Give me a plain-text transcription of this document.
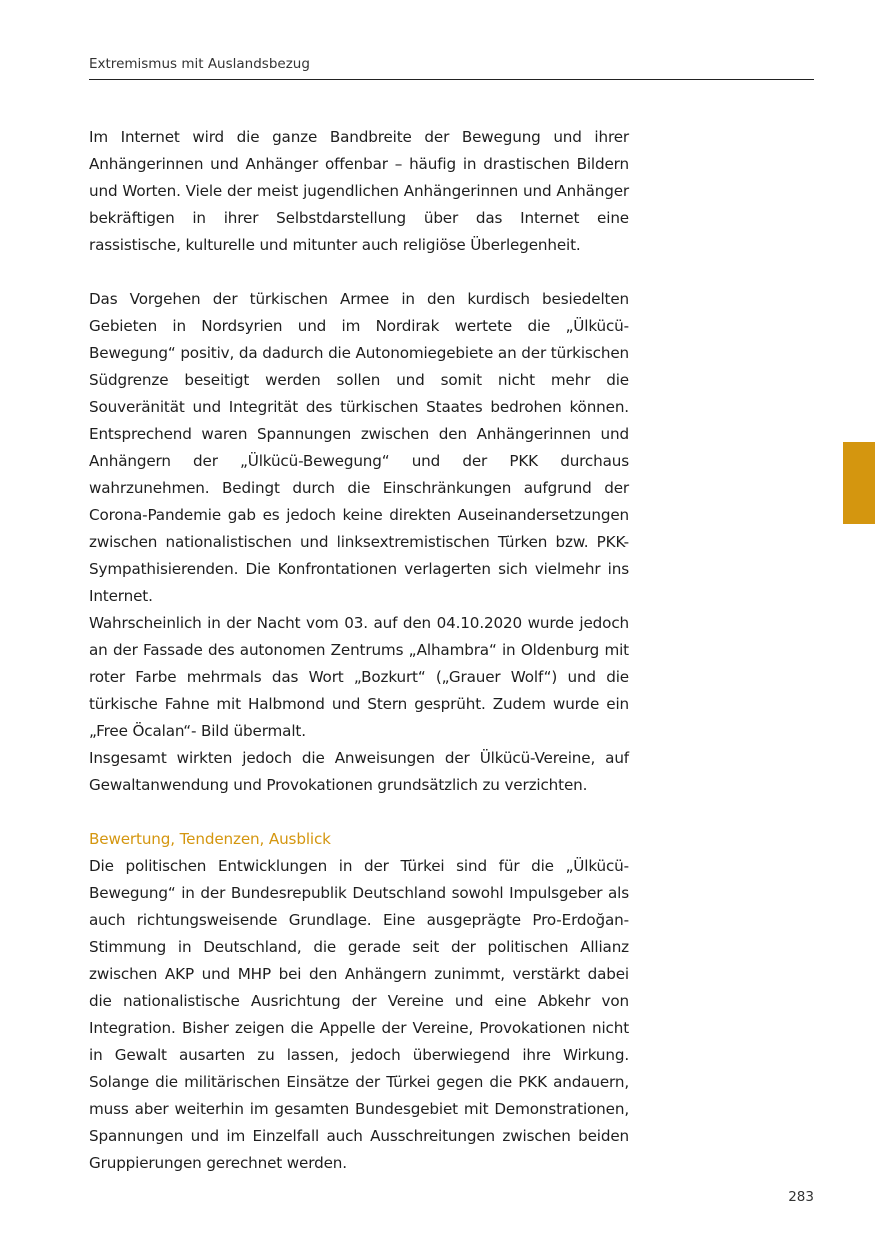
Extremismus mit Auslandsbezug

Im Internet wird die ganze Bandbreite der Bewegung und ihrer Anhängerinnen und Anhänger offenbar – häufig in drastischen Bildern und Worten. Viele der meist jugendlichen Anhängerinnen und Anhänger bekräftigen in ihrer Selbstdarstellung über das Internet eine rassistische, kulturelle und mitunter auch religiöse Überlegenheit.

Das Vorgehen der türkischen Armee in den kurdisch besiedelten Gebieten in Nordsyrien und im Nordirak wertete die „Ülkücü-Bewegung“ positiv, da dadurch die Autonomiegebiete an der türkischen Südgrenze beseitigt werden sollen und somit nicht mehr die Souveränität und Integrität des türkischen Staates bedrohen können. Entsprechend waren Spannungen zwischen den Anhängerinnen und Anhängern der „Ülkücü-Bewegung“ und der PKK durchaus wahrzunehmen. Bedingt durch die Einschränkungen aufgrund der Corona-Pandemie gab es jedoch keine direkten Auseinandersetzungen zwischen nationalistischen und linksextremistischen Türken bzw. PKK-Sympathisierenden. Die Konfrontationen verlagerten sich vielmehr ins Internet.

Wahrscheinlich in der Nacht vom 03. auf den 04.10.2020 wurde jedoch an der Fassade des autonomen Zentrums „Alhambra“ in Oldenburg mit roter Farbe mehrmals das Wort „Bozkurt“ („Grauer Wolf“) und die türkische Fahne mit Halbmond und Stern gesprüht. Zudem wurde ein „Free Öcalan“- Bild übermalt.

Insgesamt wirkten jedoch die Anweisungen der Ülkücü-Vereine, auf Gewaltanwendung und Provokationen grundsätzlich zu verzichten.

Bewertung, Tendenzen, Ausblick

Die politischen Entwicklungen in der Türkei sind für die „Ülkücü-Bewegung“ in der Bundesrepublik Deutschland sowohl Impulsgeber als auch richtungsweisende Grundlage. Eine ausgeprägte Pro-Erdoğan-Stimmung in Deutschland, die gerade seit der politischen Allianz zwischen AKP und MHP bei den Anhängern zunimmt, verstärkt dabei die nationalistische Ausrichtung der Vereine und eine Abkehr von Integration. Bisher zeigen die Appelle der Vereine, Provokationen nicht in Gewalt ausarten zu lassen, jedoch überwiegend ihre Wirkung. Solange die militärischen Einsätze der Türkei gegen die PKK andauern, muss aber weiterhin im gesamten Bundesgebiet mit Demonstrationen, Spannungen und im Einzelfall auch Ausschreitungen zwischen beiden Gruppierungen gerechnet werden.

283
